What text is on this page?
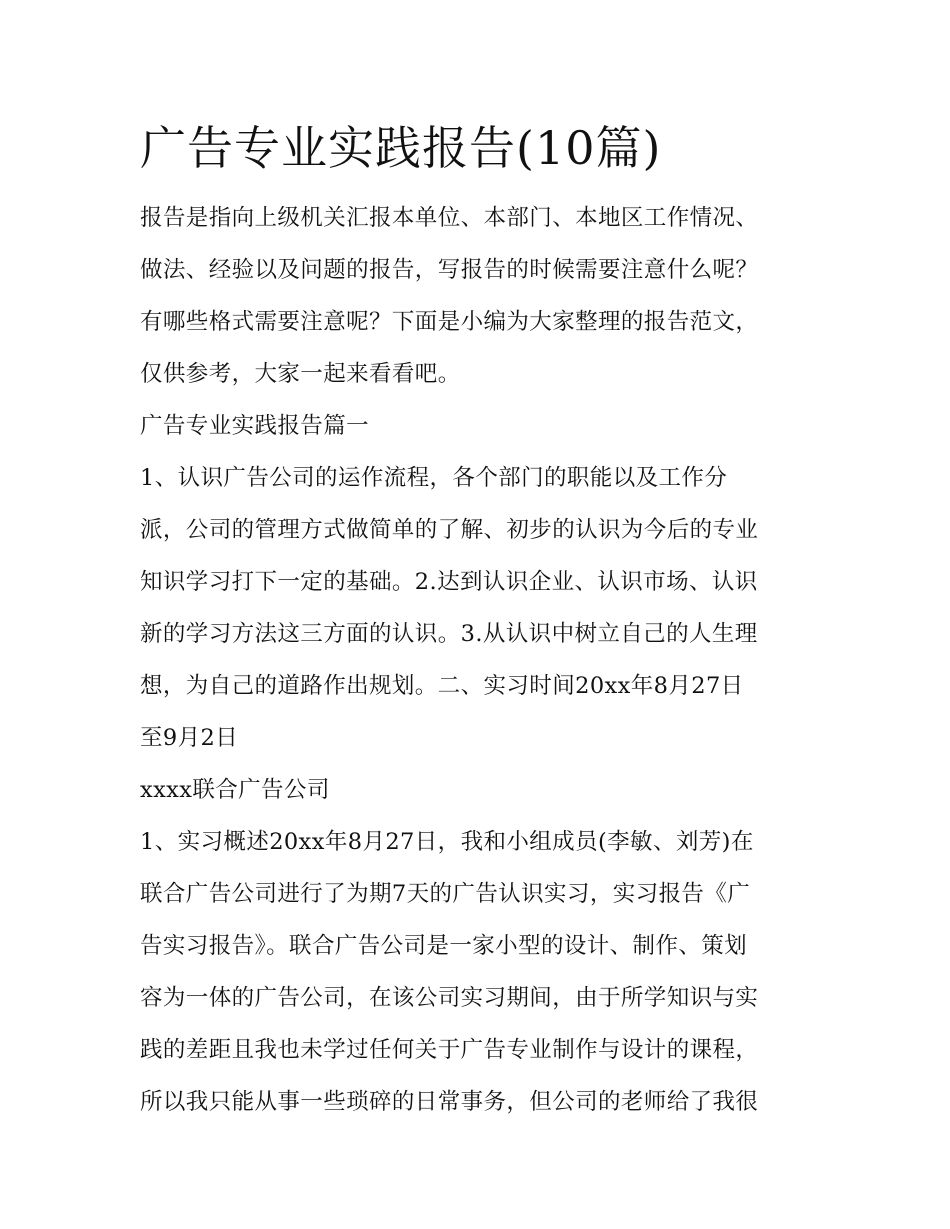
广告专业实践报告(10篇)

报告是指向上级机关汇报本单位、本部门、本地区工作情况、

做法、经验以及问题的报告，写报告的时候需要注意什么呢？

有哪些格式需要注意呢？下面是小编为大家整理的报告范文，

仅供参考，大家一起来看看吧。

广告专业实践报告篇一

1、认识广告公司的运作流程，各个部门的职能以及工作分

派，公司的管理方式做简单的了解、初步的认识为今后的专业

知识学习打下一定的基础。2.达到认识企业、认识市场、认识

新的学习方法这三方面的认识。3.从认识中树立自己的人生理

想，为自己的道路作出规划。二、实习时间20xx年8月27日

至9月2日

xxxx联合广告公司

1、实习概述20xx年8月27日，我和小组成员(李敏、刘芳)在

联合广告公司进行了为期7天的广告认识实习，实习报告《广

告实习报告》。联合广告公司是一家小型的设计、制作、策划

容为一体的广告公司，在该公司实习期间，由于所学知识与实

践的差距且我也未学过任何关于广告专业制作与设计的课程，

所以我只能从事一些琐碎的日常事务，但公司的老师给了我很
